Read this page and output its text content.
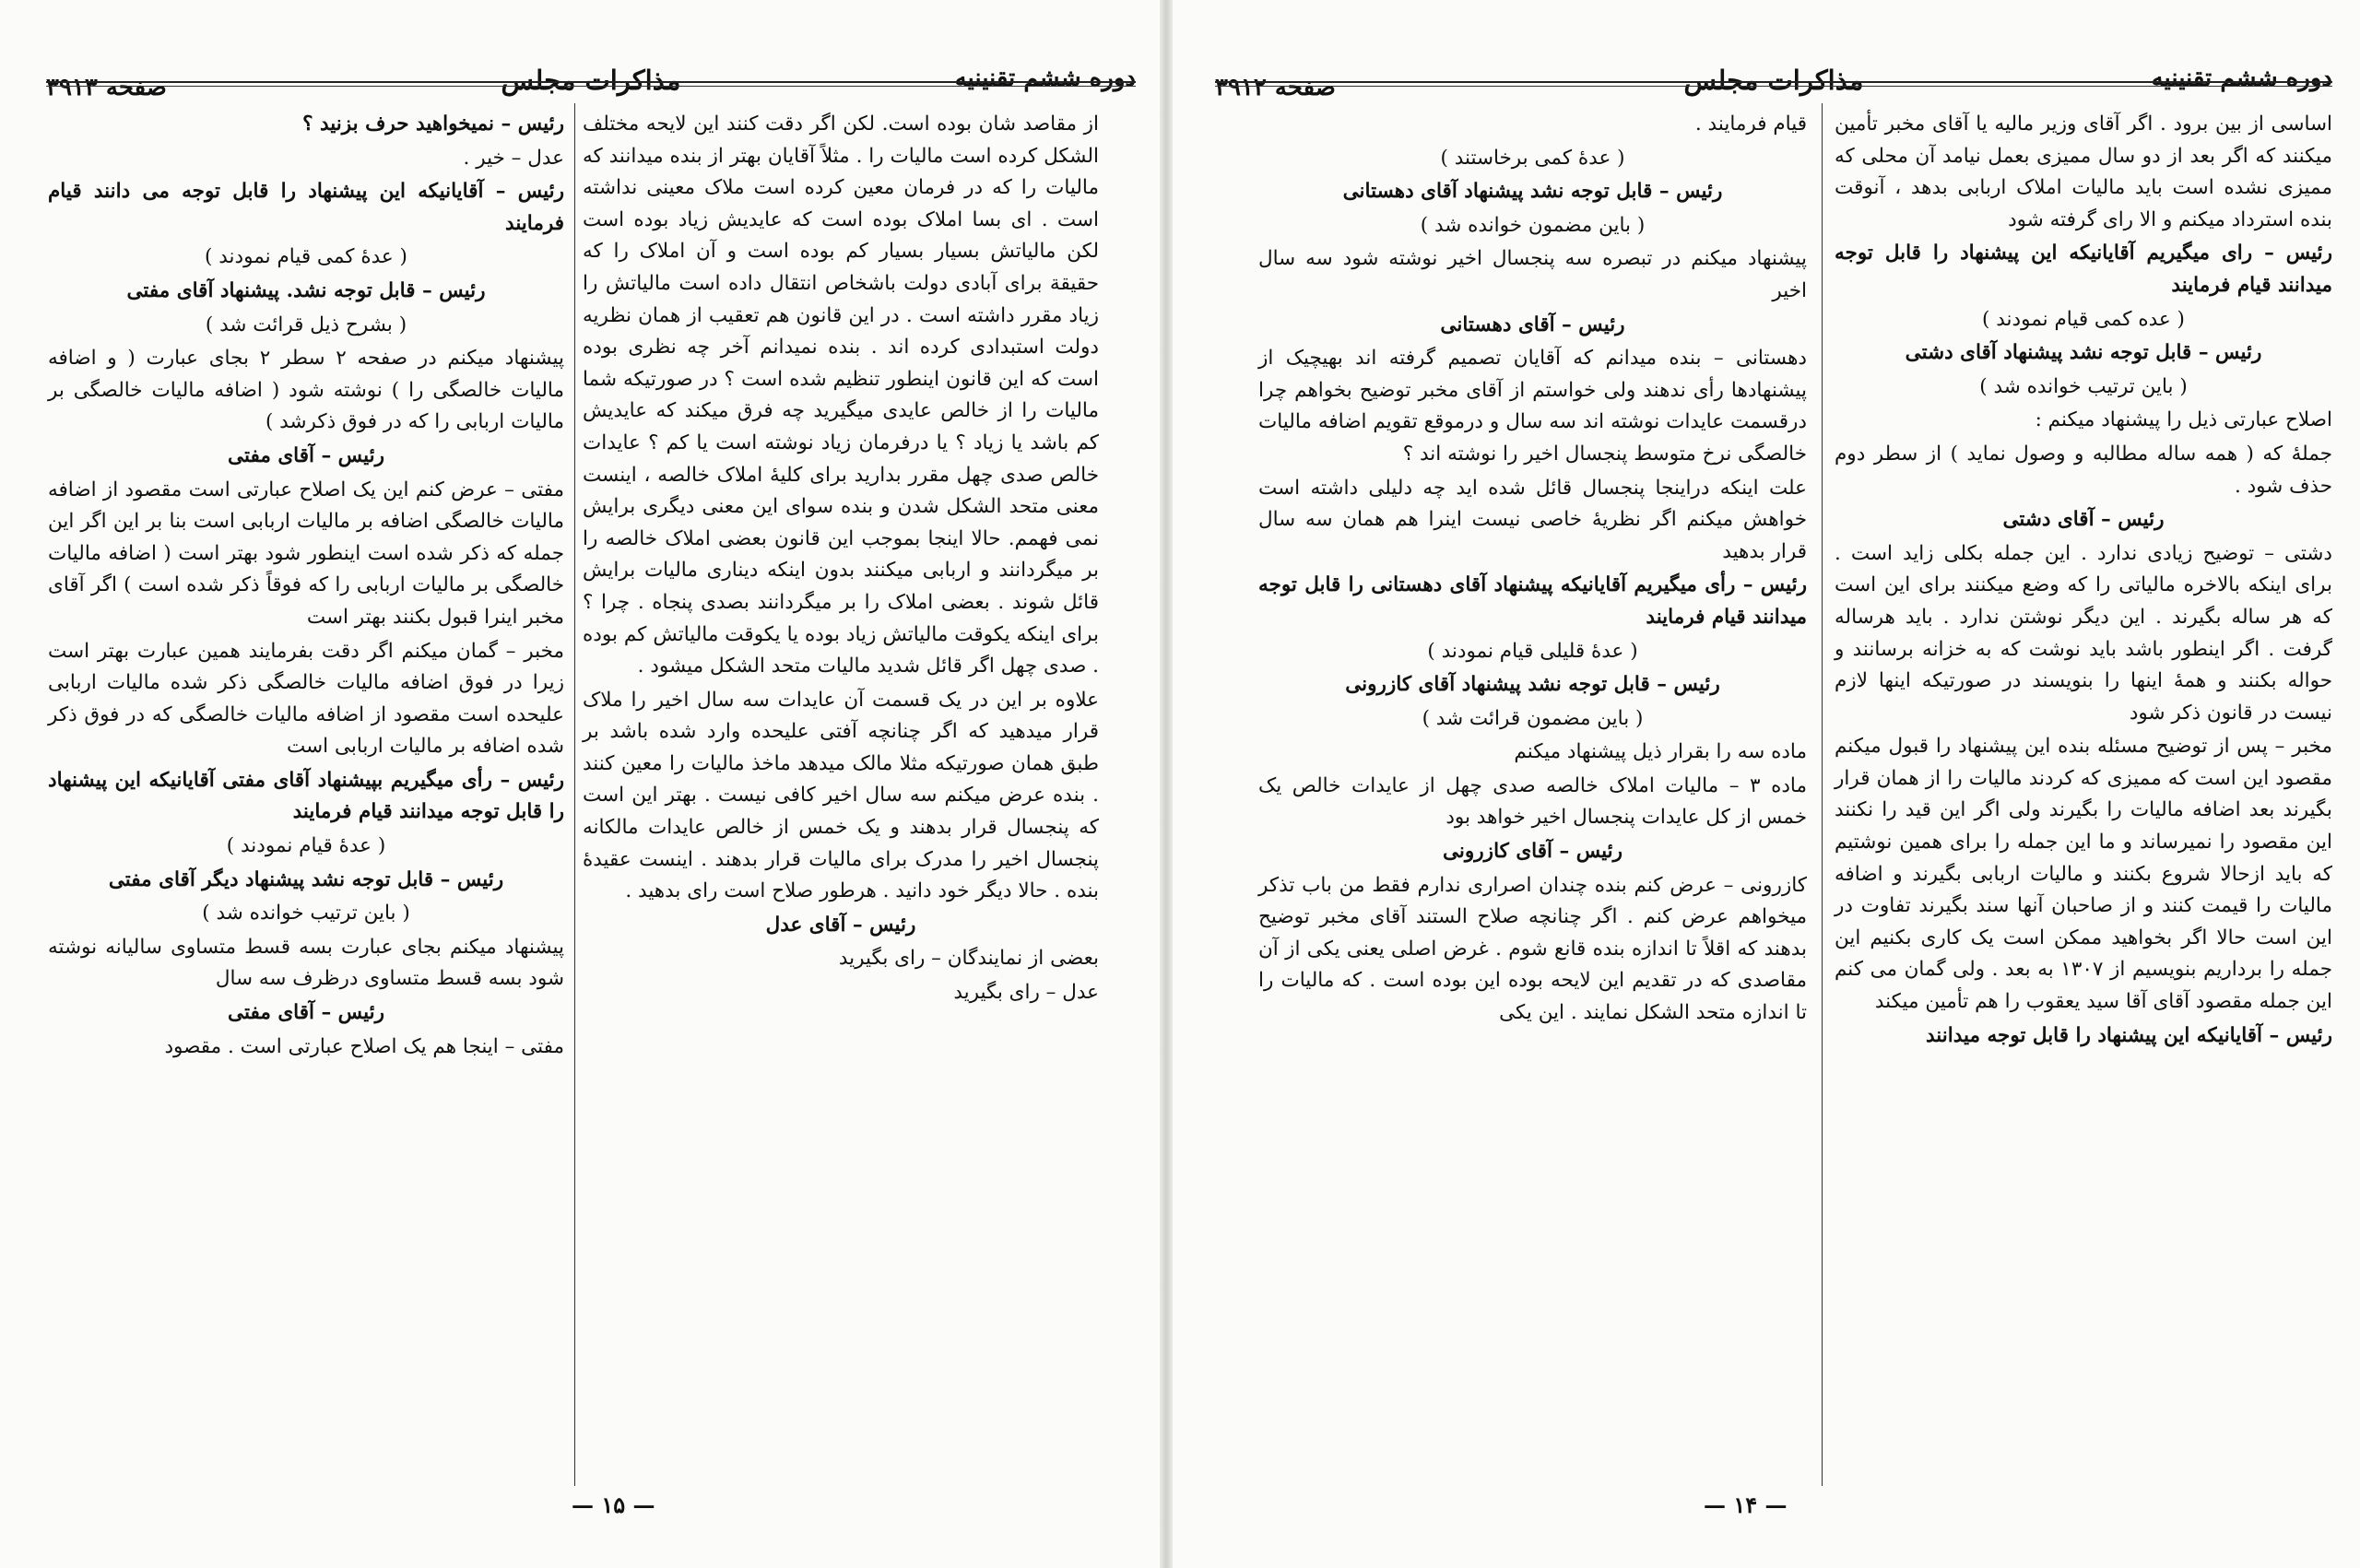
دوره ششم تقنینیه
مذاکرات مجلس
صفحه ۳۹۱۲

اساسی از بین برود . اگر آقای وزیر مالیه یا آقای مخبر تأمین میکنند که اگر بعد از دو سال ممیزی بعمل نیامد آن محلی که ممیزی نشده است باید مالیات املاک اربابی بدهد ، آنوقت بنده استرداد میکنم و الا رای گرفته شود

رئیس – رای میگیریم آقایانیکه این پیشنهاد را قابل توجه میدانند قیام فرمایند

( عده کمی قیام نمودند )

رئیس – قابل توجه نشد پیشنهاد آقای دشتی

( باین ترتیب خوانده شد )

اصلاح عبارتی ذیل را پیشنهاد میکنم :

جملهٔ که ( همه ساله مطالبه و وصول نماید ) از سطر دوم حذف شود .

رئیس – آقای دشتی

دشتی – توضیح زیادی ندارد . این جمله بکلی زاید است . برای اینکه بالاخره مالیاتی را که وضع میکنند برای این است که هر ساله بگیرند . این دیگر نوشتن ندارد . باید هرساله گرفت . اگر اینطور باشد باید نوشت که به خزانه برسانند و حواله بکنند و همهٔ اینها را بنویسند در صورتیکه اینها لازم نیست در قانون ذکر شود

مخبر – پس از توضیح مسئله بنده این پیشنهاد را قبول میکنم مقصود این است که ممیزی که کردند مالیات را از همان قرار بگیرند بعد اضافه مالیات را بگیرند ولی اگر این قید را نکنند این مقصود را نمیرساند و ما این جمله را برای همین نوشتیم که باید ازحالا شروع بکنند و مالیات اربابی بگیرند و اضافه مالیات را قیمت کنند و از صاحبان آنها سند بگیرند تفاوت در این است حالا اگر بخواهید ممکن است یک کاری بکنیم این جمله را برداریم بنویسیم از ۱۳۰۷ به بعد . ولی گمان می کنم این جمله مقصود آقای آقا سید یعقوب را هم تأمین میکند

رئیس – آقایانیکه این پیشنهاد را قابل توجه میدانند

قیام فرمایند .

( عدهٔ کمی برخاستند )

رئیس – قابل توجه نشد پیشنهاد آقای دهستانی

( باین مضمون خوانده شد )

پیشنهاد میکنم در تبصره سه پنجسال اخیر نوشته شود سه سال اخیر

رئیس – آقای دهستانی

دهستانی – بنده میدانم که آقایان تصمیم گرفته اند بهیچیک از پیشنهادها رأی ندهند ولی خواستم از آقای مخبر توضیح بخواهم چرا درقسمت عایدات نوشته اند سه سال و درموقع تقویم اضافه مالیات خالصگی نرخ متوسط پنجسال اخیر را نوشته اند ؟

علت اینکه دراینجا پنجسال قائل شده اید چه دلیلی داشته است خواهش میکنم اگر نظریهٔ خاصی نیست اینرا هم همان سه سال قرار بدهید

رئیس – رأی میگیریم آقایانیکه پیشنهاد آقای دهستانی را قابل توجه میدانند قیام فرمایند

( عدهٔ قلیلی قیام نمودند )

رئیس – قابل توجه نشد پیشنهاد آقای کازرونی

( باین مضمون قرائت شد )

ماده سه را بقرار ذیل پیشنهاد میکنم

ماده ۳ – مالیات املاک خالصه صدی چهل از عایدات خالص یک خمس از کل عایدات پنجسال اخیر خواهد بود

رئیس – آقای کازرونی

کازرونی – عرض کنم بنده چندان اصراری ندارم فقط من باب تذکر میخواهم عرض کنم . اگر چنانچه صلاح الستند آقای مخبر توضیح بدهند که اقلاً تا اندازه بنده قانع شوم . غرض اصلی یعنی یکی از آن مقاصدی که در تقدیم این لایحه بوده این بوده است . که مالیات را تا اندازه متحد الشکل نمایند . این یکی

— ۱۴ —
دوره ششم تقنینیه
مذاکرات مجلس
صفحه ۳۹۱۳

از مقاصد شان بوده است. لکن اگر دقت کنند این لایحه مختلف الشکل کرده است مالیات را . مثلاً آقایان بهتر از بنده میدانند که مالیات را که در فرمان معین کرده است ملاک معینی نداشته است . ای بسا املاک بوده است که عایدیش زیاد بوده است لکن مالیاتش بسیار بسیار کم بوده است و آن املاک را که حقیقة برای آبادی دولت باشخاص انتقال داده است مالیاتش را زیاد مقرر داشته است . در این قانون هم تعقیب از همان نظریه دولت استبدادی کرده اند . بنده نمیدانم آخر چه نظری بوده است که این قانون اینطور تنظیم شده است ؟ در صورتیکه شما مالیات را از خالص عایدی میگیرید چه فرق میکند که عایدیش کم باشد یا زیاد ؟ یا درفرمان زیاد نوشته است یا کم ؟ عایدات خالص صدی چهل مقرر بدارید برای کلیهٔ املاک خالصه ، اینست معنی متحد الشکل شدن و بنده سوای این معنی دیگری برایش نمی فهمم. حالا اینجا بموجب این قانون بعضی املاک خالصه را بر میگردانند و اربابی میکنند بدون اینکه دیناری مالیات برایش قائل شوند . بعضی املاک را بر میگردانند بصدی پنجاه . چرا ؟ برای اینکه یکوقت مالیاتش زیاد بوده یا یکوقت مالیاتش کم بوده . صدی چهل اگر قائل شدید مالیات متحد الشکل میشود .

علاوه بر این در یک قسمت آن عایدات سه سال اخیر را ملاک قرار میدهید که اگر چنانچه آفتی علیحده وارد شده باشد بر طبق همان صورتیکه مثلا مالک میدهد ماخذ مالیات را معین کنند . بنده عرض میکنم سه سال اخیر کافی نیست . بهتر این است که پنجسال قرار بدهند و یک خمس از خالص عایدات مالکانه پنجسال اخیر را مدرک برای مالیات قرار بدهند . اینست عقیدهٔ بنده . حالا دیگر خود دانید . هرطور صلاح است رای بدهید .

رئیس – آقای عدل

بعضی از نمایندگان – رای بگیرید

عدل – رای بگیرید

رئیس – نمیخواهید حرف بزنید ؟

عدل – خیر .

رئیس – آقایانیکه این پیشنهاد را قابل توجه می دانند قیام فرمایند

( عدهٔ کمی قیام نمودند )

رئیس – قابل توجه نشد. پیشنهاد آقای مفتی

( بشرح ذیل قرائت شد )

پیشنهاد میکنم در صفحه ۲ سطر ۲ بجای عبارت ( و اضافه مالیات خالصگی را ) نوشته شود ( اضافه مالیات خالصگی بر مالیات اربابی را که در فوق ذکرشد )

رئیس – آقای مفتی

مفتی – عرض کنم این یک اصلاح عبارتی است مقصود از اضافه مالیات خالصگی اضافه بر مالیات اربابی است بنا بر این اگر این جمله که ذکر شده است اینطور شود بهتر است ( اضافه مالیات خالصگی بر مالیات اربابی را که فوقاً ذکر شده است ) اگر آقای مخبر اینرا قبول بکنند بهتر است

مخبر – گمان میکنم اگر دقت بفرمایند همین عبارت بهتر است زیرا در فوق اضافه مالیات خالصگی ذکر شده مالیات اربابی علیحده است مقصود از اضافه مالیات خالصگی که در فوق ذکر شده اضافه بر مالیات اربابی است

رئیس – رأی میگیریم بپیشنهاد آقای مفتی آقایانیکه این پیشنهاد را قابل توجه میدانند قیام فرمایند

( عدهٔ قیام نمودند )

رئیس – قابل توجه نشد پیشنهاد دیگر آقای مفتی

( باین ترتیب خوانده شد )

پیشنهاد میکنم بجای عبارت بسه قسط متساوی سالیانه نوشته شود بسه قسط متساوی درظرف سه سال

رئیس – آقای مفتی

مفتی – اینجا هم یک اصلاح عبارتی است . مقصود

— ۱۵ —
